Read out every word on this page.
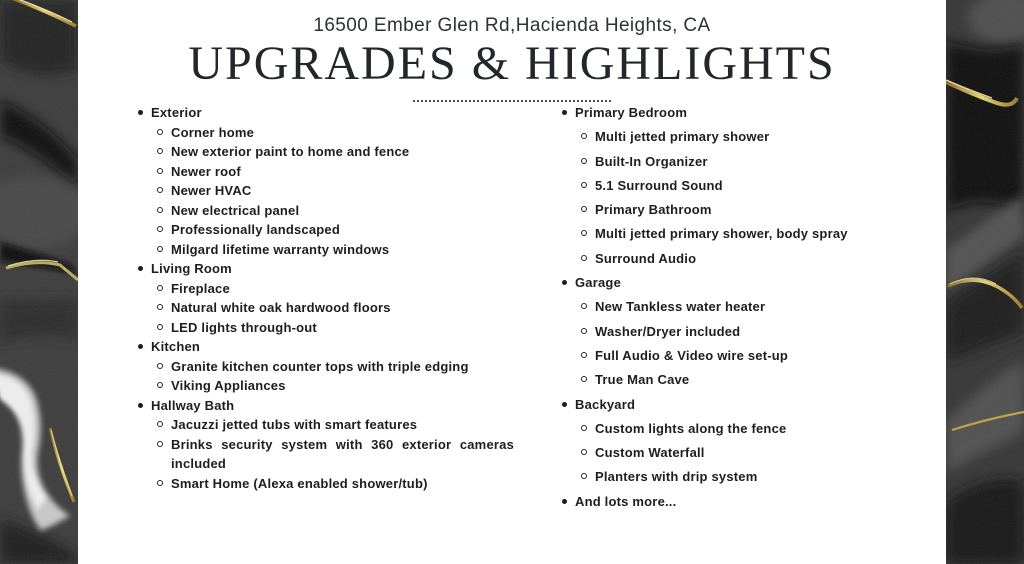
16500 Ember Glen Rd,Hacienda Heights, CA
UPGRADES & HIGHLIGHTS
Exterior
Corner home
New exterior paint to home and fence
Newer roof
Newer HVAC
New electrical panel
Professionally landscaped
Milgard lifetime warranty windows
Living Room
Fireplace
Natural white oak hardwood floors
LED lights through-out
Kitchen
Granite kitchen counter tops with triple edging
Viking Appliances
Hallway Bath
Jacuzzi jetted tubs with smart features
Brinks security system with 360 exterior cameras included
Smart Home (Alexa enabled shower/tub)
Primary Bedroom
Multi jetted primary shower
Built-In Organizer
5.1 Surround Sound
Primary Bathroom
Multi jetted primary shower, body spray
Surround Audio
Garage
New Tankless water heater
Washer/Dryer included
Full Audio & Video wire set-up
True Man Cave
Backyard
Custom lights along the fence
Custom Waterfall
Planters with drip system
And lots more...
